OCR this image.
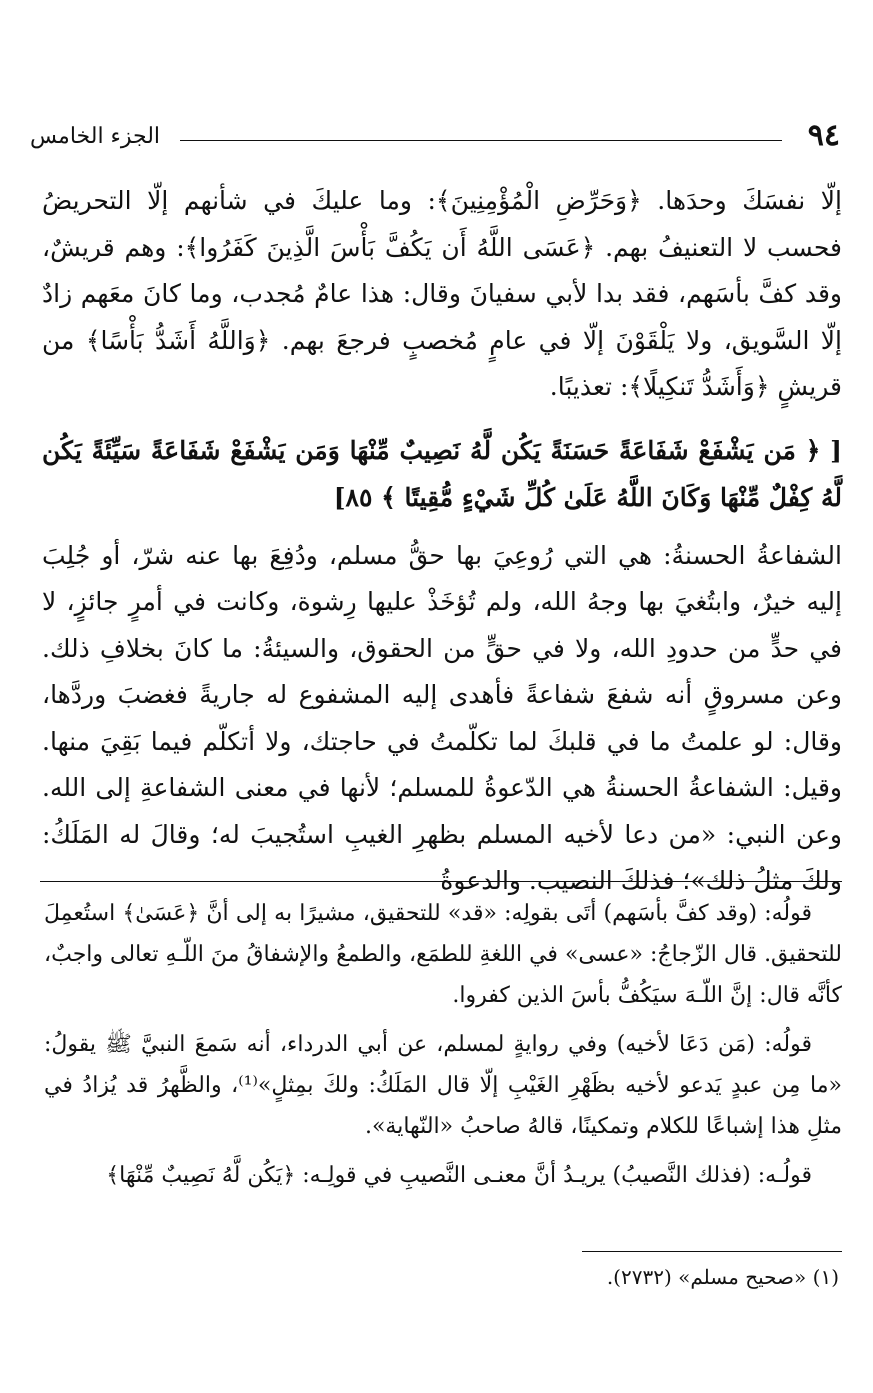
٩٤
الجزء الخامس

إلّا نفسَكَ وحدَها. ﴿وَحَرِّضِ الْمُؤْمِنِينَ﴾: وما عليكَ في شأنهم إلّا التحريضُ فحسب لا التعنيفُ بهم. ﴿عَسَى اللَّهُ أَن يَكُفَّ بَأْسَ الَّذِينَ كَفَرُوا﴾: وهم قريشٌ، وقد كفَّ بأسَهم، فقد بدا لأبي سفيانَ وقال: هذا عامٌ مُجدب، وما كانَ معَهم زادٌ إلّا السَّويق، ولا يَلْقَوْنَ إلّا في عامٍ مُخصبٍ فرجعَ بهم. ﴿وَاللَّهُ أَشَدُّ بَأْسًا﴾ من قريشٍ ﴿وَأَشَدُّ تَنكِيلًا﴾: تعذيبًا.

[ ﴿ مَن يَشْفَعْ شَفَاعَةً حَسَنَةً يَكُن لَّهُ نَصِيبٌ مِّنْهَا وَمَن يَشْفَعْ شَفَاعَةً سَيِّئَةً يَكُن لَّهُ كِفْلٌ مِّنْهَا وَكَانَ اللَّهُ عَلَىٰ كُلِّ شَيْءٍ مُّقِيتًا ﴾ ٨٥]

الشفاعةُ الحسنةُ: هي التي رُوعِيَ بها حقُّ مسلم، ودُفِعَ بها عنه شرّ، أو جُلِبَ إليه خيرٌ، وابتُغيَ بها وجهُ الله، ولم تُؤخَذْ عليها رِشوة، وكانت في أمرٍ جائزٍ، لا في حدٍّ من حدودِ الله، ولا في حقٍّ من الحقوق، والسيئةُ: ما كانَ بخلافِ ذلك. وعن مسروقٍ أنه شفعَ شفاعةً فأهدى إليه المشفوع له جاريةً فغضبَ وردَّها، وقال: لو علمتُ ما في قلبكَ لما تكلّمتُ في حاجتك، ولا أتكلّم فيما بَقِيَ منها. وقيل: الشفاعةُ الحسنةُ هي الدّعوةُ للمسلم؛ لأنها في معنى الشفاعةِ إلى الله. وعن النبي: «من دعا لأخيه المسلم بظهرِ الغيبِ استُجيبَ له؛ وقالَ له المَلَكُ: ولكَ مثلُ ذلك»؛ فذلكَ النصيب. والدعوةُ

قولُه: (وقد كفَّ بأسَهم) أتَى بقولِه: «قد» للتحقيق، مشيرًا به إلى أنَّ ﴿عَسَىٰ﴾ استُعمِلَ للتحقيق. قال الزّجاجُ: «عسى» في اللغةِ للطمَع، والطمعُ والإشفاقُ منَ اللّـهِ تعالى واجبٌ، كأنَّه قال: إنَّ اللّـهَ سيَكُفُّ بأسَ الذين كفروا.

قولُه: (مَن دَعَا لأخيه) وفي روايةٍ لمسلم، عن أبي الدرداء، أنه سَمعَ النبيَّ ﷺ يقولُ: «ما مِن عبدٍ يَدعو لأخيه بظَهْرِ الغَيْبِ إلّا قال المَلَكُ: ولكَ بمِثلٍ»⁽¹⁾، والظَّهرُ قد يُزادُ في مثلِ هذا إشباعًا للكلام وتمكينًا، قالهُ صاحبُ «النّهاية».

قولُـه: (فذلك النَّصيبُ) يريـدُ أنَّ معنـى النَّصيبِ في قولِـه: ﴿يَكُن لَّهُ نَصِيبٌ مِّنْهَا﴾

(١) «صحيح مسلم» (٢٧٣٢).
